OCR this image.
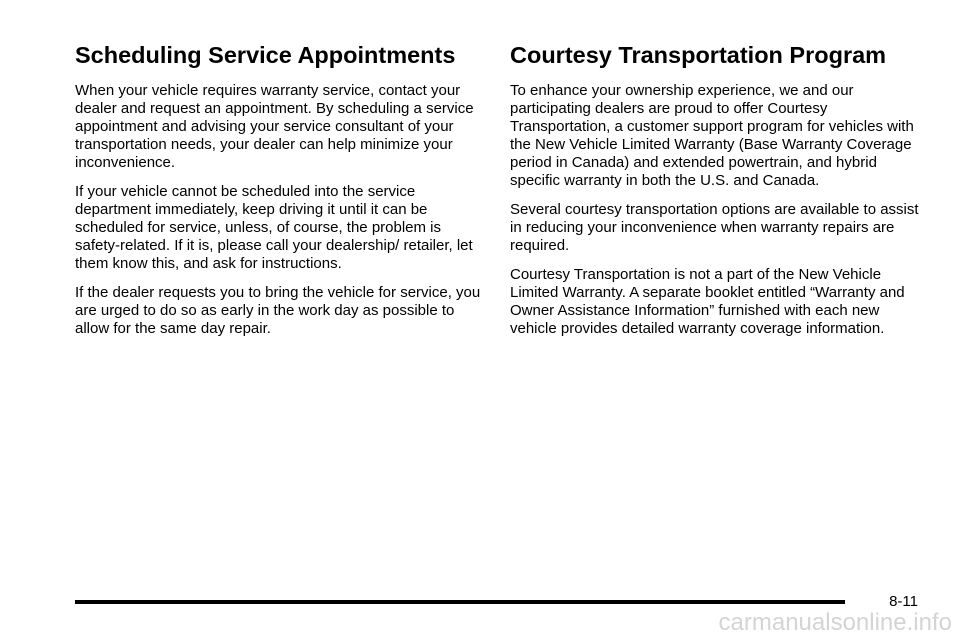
Scheduling Service Appointments

When your vehicle requires warranty service, contact your dealer and request an appointment. By scheduling a service appointment and advising your service consultant of your transportation needs, your dealer can help minimize your inconvenience.

If your vehicle cannot be scheduled into the service department immediately, keep driving it until it can be scheduled for service, unless, of course, the problem is safety-related. If it is, please call your dealership/ retailer, let them know this, and ask for instructions.

If the dealer requests you to bring the vehicle for service, you are urged to do so as early in the work day as possible to allow for the same day repair.

Courtesy Transportation Program

To enhance your ownership experience, we and our participating dealers are proud to offer Courtesy Transportation, a customer support program for vehicles with the New Vehicle Limited Warranty (Base Warranty Coverage period in Canada) and extended powertrain, and hybrid specific warranty in both the U.S. and Canada.

Several courtesy transportation options are available to assist in reducing your inconvenience when warranty repairs are required.

Courtesy Transportation is not a part of the New Vehicle Limited Warranty. A separate booklet entitled “Warranty and Owner Assistance Information” furnished with each new vehicle provides detailed warranty coverage information.

8-11
carmanualsonline.info
